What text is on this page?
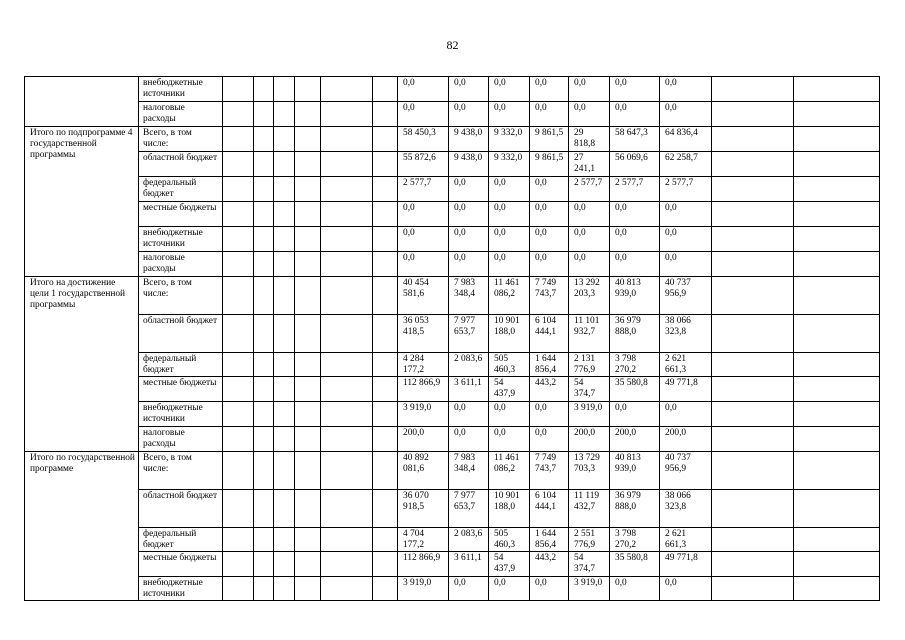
82
	внебюджетные источники							0,0	0,0	0,0	0,0	0,0	0,0	0,0		
	налоговые расходы							0,0	0,0	0,0	0,0	0,0	0,0	0,0		
Итого по подпрограмме 4 государственной программы	Всего, в том числе:							58 450,3	9 438,0	9 332,0	9 861,5	29 818,8	58 647,3	64 836,4		
	областной бюджет							55 872,6	9 438,0	9 332,0	9 861,5	27 241,1	56 069,6	62 258,7		
	федеральный бюджет							2 577,7	0,0	0,0	0,0	2 577,7	2 577,7	2 577,7		
	местные бюджеты							0,0	0,0	0,0	0,0	0,0	0,0	0,0		
	внебюджетные источники							0,0	0,0	0,0	0,0	0,0	0,0	0,0		
	налоговые расходы							0,0	0,0	0,0	0,0	0,0	0,0	0,0		
Итого на достижение цели 1 государственной программы	Всего, в том числе:							40 454 581,6	7 983 348,4	11 461 086,2	7 749 743,7	13 292 203,3	40 813 939,0	40 737 956,9		
	областной бюджет							36 053 418,5	7 977 653,7	10 901 188,0	6 104 444,1	11 101 932,7	36 979 888,0	38 066 323,8		
	федеральный бюджет							4 284 177,2	2 083,6	505 460,3	1 644 856,4	2 131 776,9	3 798 270,2	2 621 661,3		
	местные бюджеты							112 866,9	3 611,1	54 437,9	443,2	54 374,7	35 580,8	49 771,8		
	внебюджетные источники							3 919,0	0,0	0,0	0,0	3 919,0	0,0	0,0		
	налоговые расходы							200,0	0,0	0,0	0,0	200,0	200,0	200,0		
Итого по государственной программе	Всего, в том числе:							40 892 081,6	7 983 348,4	11 461 086,2	7 749 743,7	13 729 703,3	40 813 939,0	40 737 956,9		
	областной бюджет							36 070 918,5	7 977 653,7	10 901 188,0	6 104 444,1	11 119 432,7	36 979 888,0	38 066 323,8		
	федеральный бюджет							4 704 177,2	2 083,6	505 460,3	1 644 856,4	2 551 776,9	3 798 270,2	2 621 661,3		
	местные бюджеты							112 866,9	3 611,1	54 437,9	443,2	54 374,7	35 580,8	49 771,8		
	внебюджетные источники							3 919,0	0,0	0,0	0,0	3 919,0	0,0	0,0		
